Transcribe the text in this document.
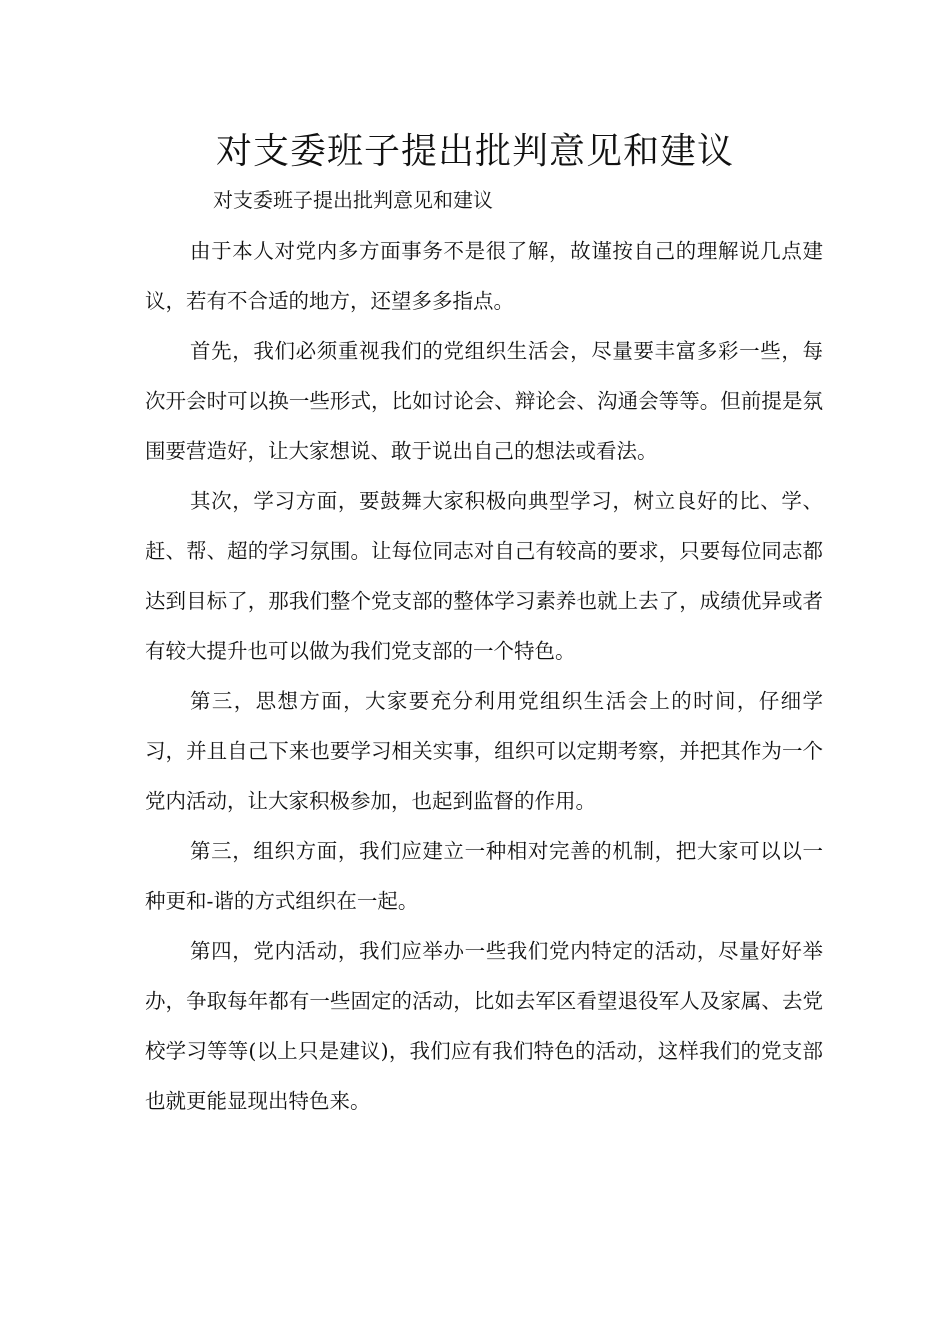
对支委班子提出批判意见和建议

对支委班子提出批判意见和建议

由于本人对党内多方面事务不是很了解，故谨按自己的理解说几点建议，若有不合适的地方，还望多多指点。

首先，我们必须重视我们的党组织生活会，尽量要丰富多彩一些，每次开会时可以换一些形式，比如讨论会、辩论会、沟通会等等。但前提是氛围要营造好，让大家想说、敢于说出自己的想法或看法。

其次，学习方面，要鼓舞大家积极向典型学习，树立良好的比、学、赶、帮、超的学习氛围。让每位同志对自己有较高的要求，只要每位同志都达到目标了，那我们整个党支部的整体学习素养也就上去了，成绩优异或者有较大提升也可以做为我们党支部的一个特色。

第三，思想方面，大家要充分利用党组织生活会上的时间，仔细学习，并且自己下来也要学习相关实事，组织可以定期考察，并把其作为一个党内活动，让大家积极参加，也起到监督的作用。

第三，组织方面，我们应建立一种相对完善的机制，把大家可以以一种更和-谐的方式组织在一起。

第四，党内活动，我们应举办一些我们党内特定的活动，尽量好好举办，争取每年都有一些固定的活动，比如去军区看望退役军人及家属、去党校学习等等(以上只是建议)，我们应有我们特色的活动，这样我们的党支部也就更能显现出特色来。
